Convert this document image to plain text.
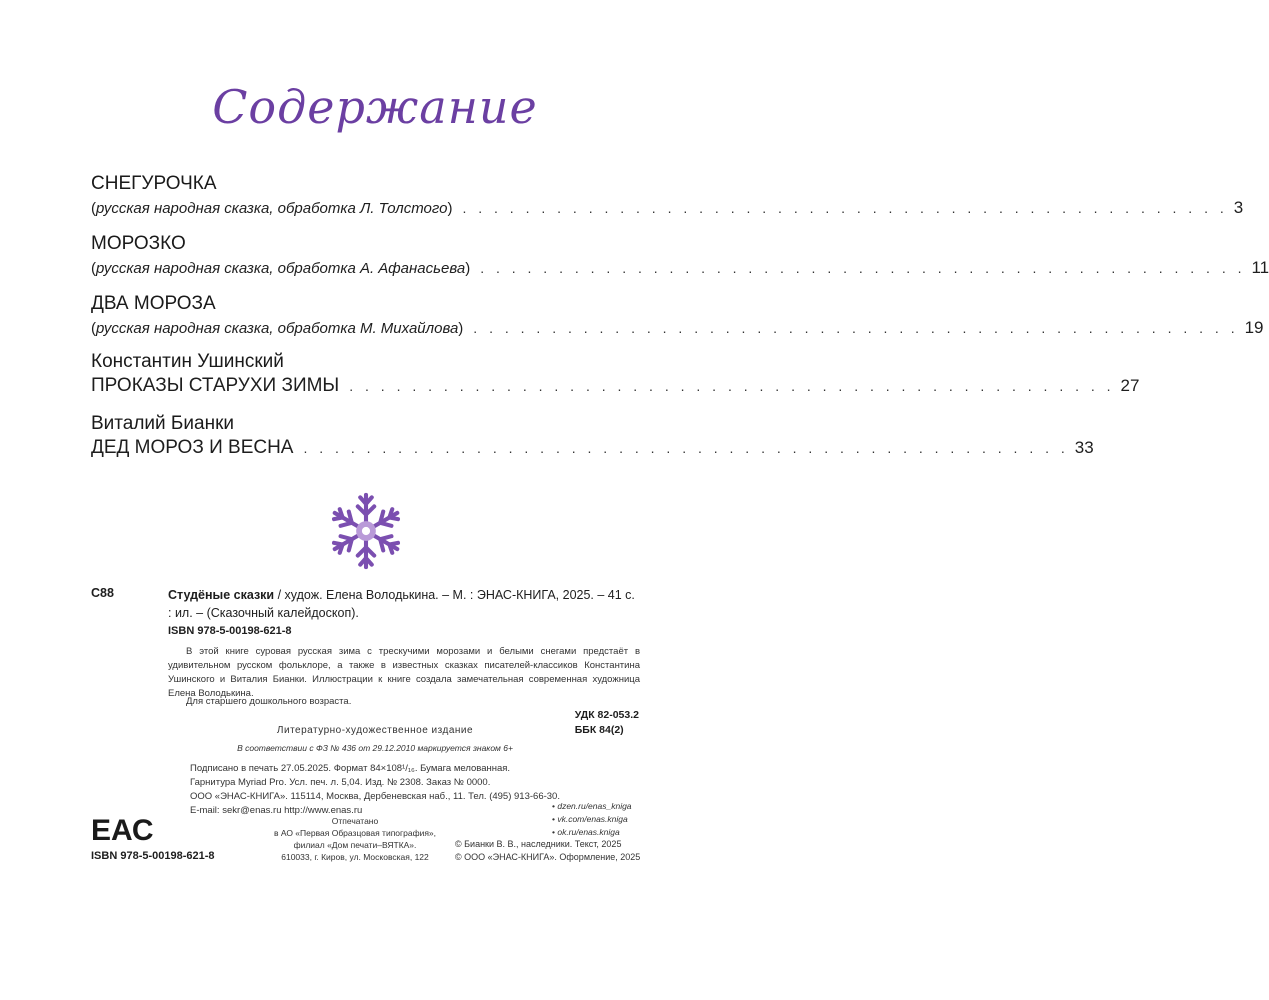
Содержание
СНЕГУРОЧКА
(русская народная сказка, обработка Л. Толстого) . . . . . . . . . . . . . . . . . . . . . . . . . . . . . . . . . . . . . . . . . . . . . . . . . 3
МОРОЗКО
(русская народная сказка, обработка А. Афанасьева) . . . . . . . . . . . . . . . . . . . . . . . . . . . . . . . . . . . . . . . . . . . . . . . . . 11
ДВА МОРОЗА
(русская народная сказка, обработка М. Михайлова) . . . . . . . . . . . . . . . . . . . . . . . . . . . . . . . . . . . . . . . . . . . . . . . . . 19
Константин Ушинский
ПРОКАЗЫ СТАРУХИ ЗИМЫ . . . . . . . . . . . . . . . . . . . . . . . . . . . . . . . . . . . . . . . . . . . . . . . . . 27
Виталий Бианки
ДЕД МОРОЗ И ВЕСНА . . . . . . . . . . . . . . . . . . . . . . . . . . . . . . . . . . . . . . . . . . . . . . . . . 33
С88	Студёные сказки / худож. Елена Володькина. – М. : ЭНАС-КНИГА, 2025. – 41 с. : ил. – (Сказочный калейдоскоп).
ISBN 978-5-00198-621-8
В этой книге суровая русская зима с трескучими морозами и белыми снегами предстаёт в удивительном русском фольклоре, а также в известных сказках писателей-классиков Константина Ушинского и Виталия Бианки. Иллюстрации к книге создала замечательная современная художница Елена Володькина.
Для старшего дошкольного возраста.
УДК 82-053.2
ББК 84(2)
Литературно-художественное издание
В соответствии с ФЗ № 436 от 29.12.2010 маркируется знаком 6+
Подписано в печать 27.05.2025. Формат 84×108¹/₁₆. Бумага мелованная.
Гарнитура Myriad Pro. Усл. печ. л. 5,04. Изд. № 2308. Заказ № 0000.
ООО «ЭНАС-КНИГА». 115114, Москва, Дербеневская наб., 11. Тел. (495) 913-66-30.
E-mail: sekr@enas.ru http://www.enas.ru	• dzen.ru/enas_kniga
• vk.com/enas.kniga
• ok.ru/enas.kniga
Отпечатано
в АО «Первая Образцовая типография»,
филиал «Дом печати–ВЯТКА».
610033, г. Киров, ул. Московская, 122
© Бианки В. В., наследники. Текст, 2025
© ООО «ЭНАС-КНИГА». Оформление, 2025
ЕАС
ISBN 978-5-00198-621-8
